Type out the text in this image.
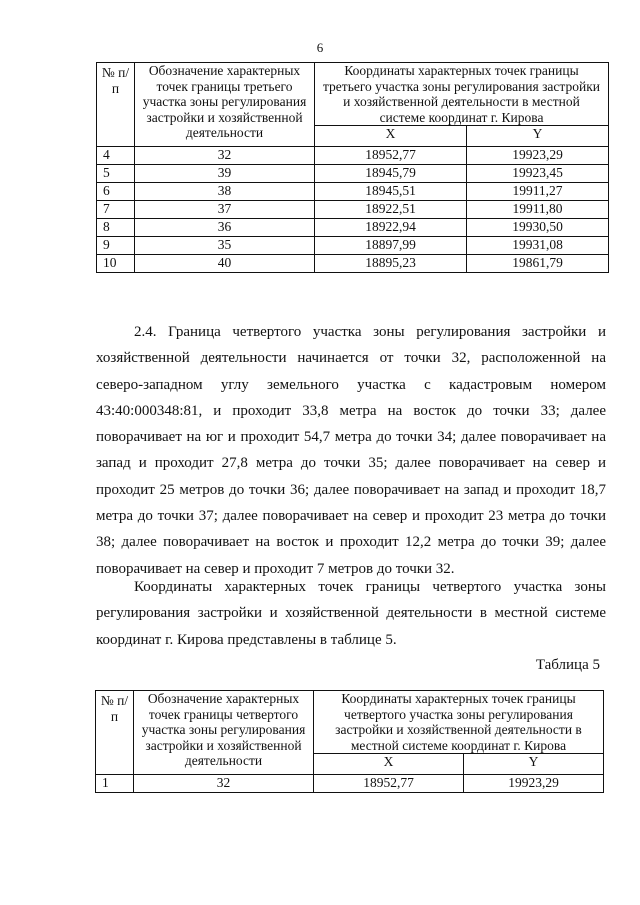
6
№ п/п	Обозначение характерных точек границы третьего участка зоны регулирования застройки и хозяйственной деятельности	Координаты характерных точек границы третьего участка зоны регулирования застройки и хозяйственной деятельности в местной системе координат г. Кирова	
		X	Y
4	32	18952,77	19923,29
5	39	18945,79	19923,45
6	38	18945,51	19911,27
7	37	18922,51	19911,80
8	36	18922,94	19930,50
9	35	18897,99	19931,08
10	40	18895,23	19861,79

2.4. Граница четвертого участка зоны регулирования застройки и хозяйственной деятельности начинается от точки 32, расположенной на северо-западном углу земельного участка с кадастровым номером 43:40:000348:81, и проходит 33,8 метра на восток до точки 33; далее поворачивает на юг и проходит 54,7 метра до точки 34; далее поворачивает на запад и проходит 27,8 метра до точки 35; далее поворачивает на север и проходит 25 метров до точки 36; далее поворачивает на запад и проходит 18,7 метра до точки 37; далее поворачивает на север и проходит 23 метра до точки 38; далее поворачивает на восток и проходит 12,2 метра до точки 39; далее поворачивает на север и проходит 7 метров до точки 32.

Координаты характерных точек границы четвертого участка зоны регулирования застройки и хозяйственной деятельности в местной системе координат г. Кирова представлены в таблице 5.

Таблица 5
№ п/п	Обозначение характерных точек границы четвертого участка зоны регулирования застройки и хозяйственной деятельности	Координаты характерных точек границы четвертого участка зоны регулирования застройки и хозяйственной деятельности в местной системе координат г. Кирова	
		X	Y
1	32	18952,77	19923,29
